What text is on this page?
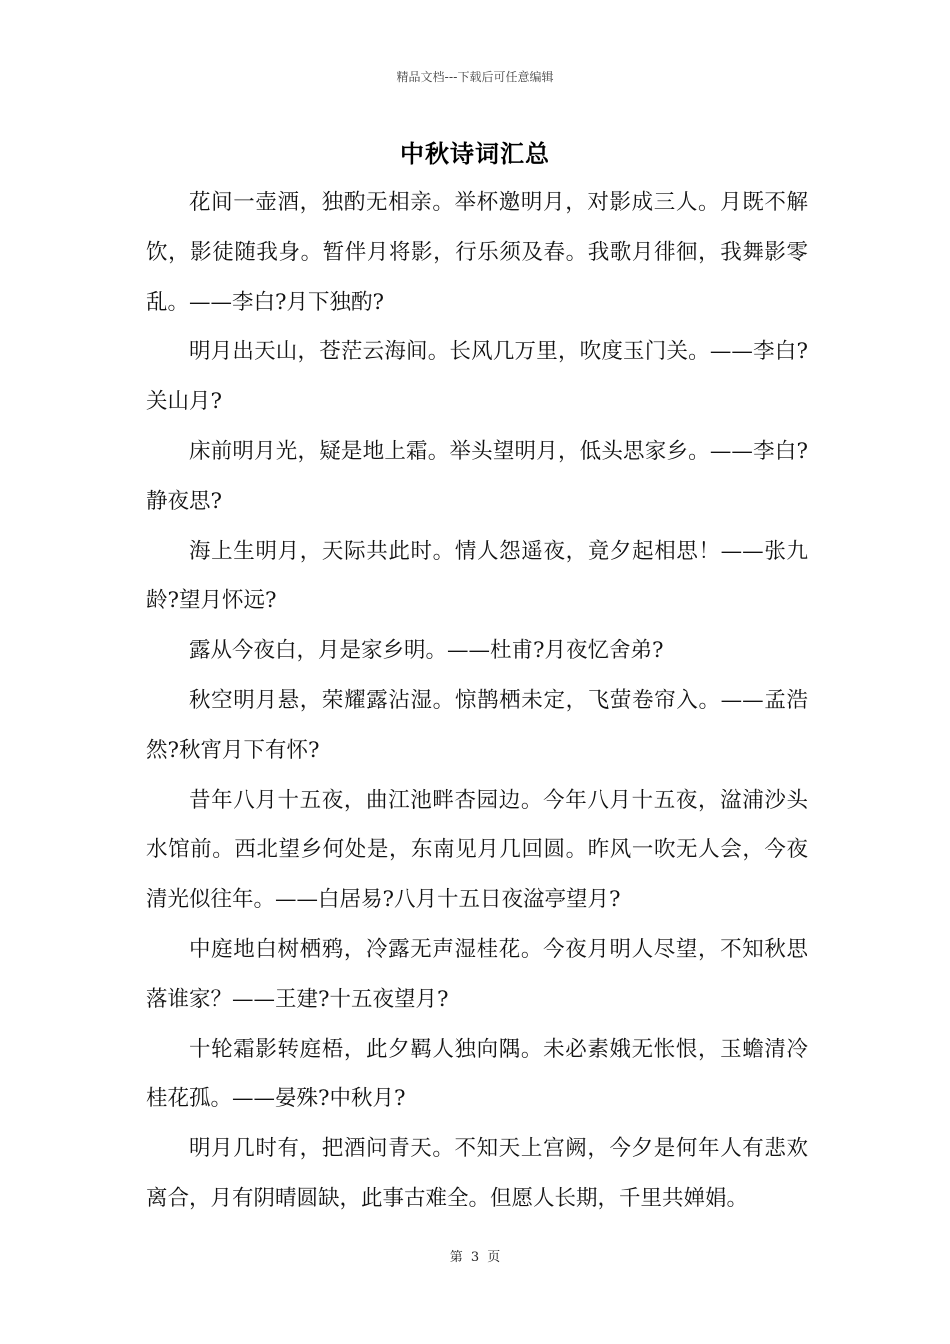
精品文档---下载后可任意编辑
中秋诗词汇总

花间一壶酒，独酌无相亲。举杯邀明月，对影成三人。月既不解饮，影徒随我身。暂伴月将影，行乐须及春。我歌月徘徊，我舞影零乱。——李白?月下独酌?

明月出天山，苍茫云海间。长风几万里，吹度玉门关。——李白?关山月?

床前明月光，疑是地上霜。举头望明月，低头思家乡。——李白?静夜思?

海上生明月，天际共此时。情人怨遥夜，竟夕起相思！——张九龄?望月怀远?

露从今夜白，月是家乡明。——杜甫?月夜忆舍弟?

秋空明月悬，荣耀露沾湿。惊鹊栖未定，飞萤卷帘入。——孟浩然?秋宵月下有怀?

昔年八月十五夜，曲江池畔杏园边。今年八月十五夜，湓浦沙头水馆前。西北望乡何处是，东南见月几回圆。昨风一吹无人会，今夜清光似往年。——白居易?八月十五日夜湓亭望月?

中庭地白树栖鸦，冷露无声湿桂花。今夜月明人尽望，不知秋思落谁家？——王建?十五夜望月?

十轮霜影转庭梧，此夕羁人独向隅。未必素娥无怅恨，玉蟾清冷桂花孤。——晏殊?中秋月?

明月几时有，把酒问青天。不知天上宫阙，今夕是何年人有悲欢离合，月有阴晴圆缺，此事古难全。但愿人长期，千里共婵娟。

第 3 页
